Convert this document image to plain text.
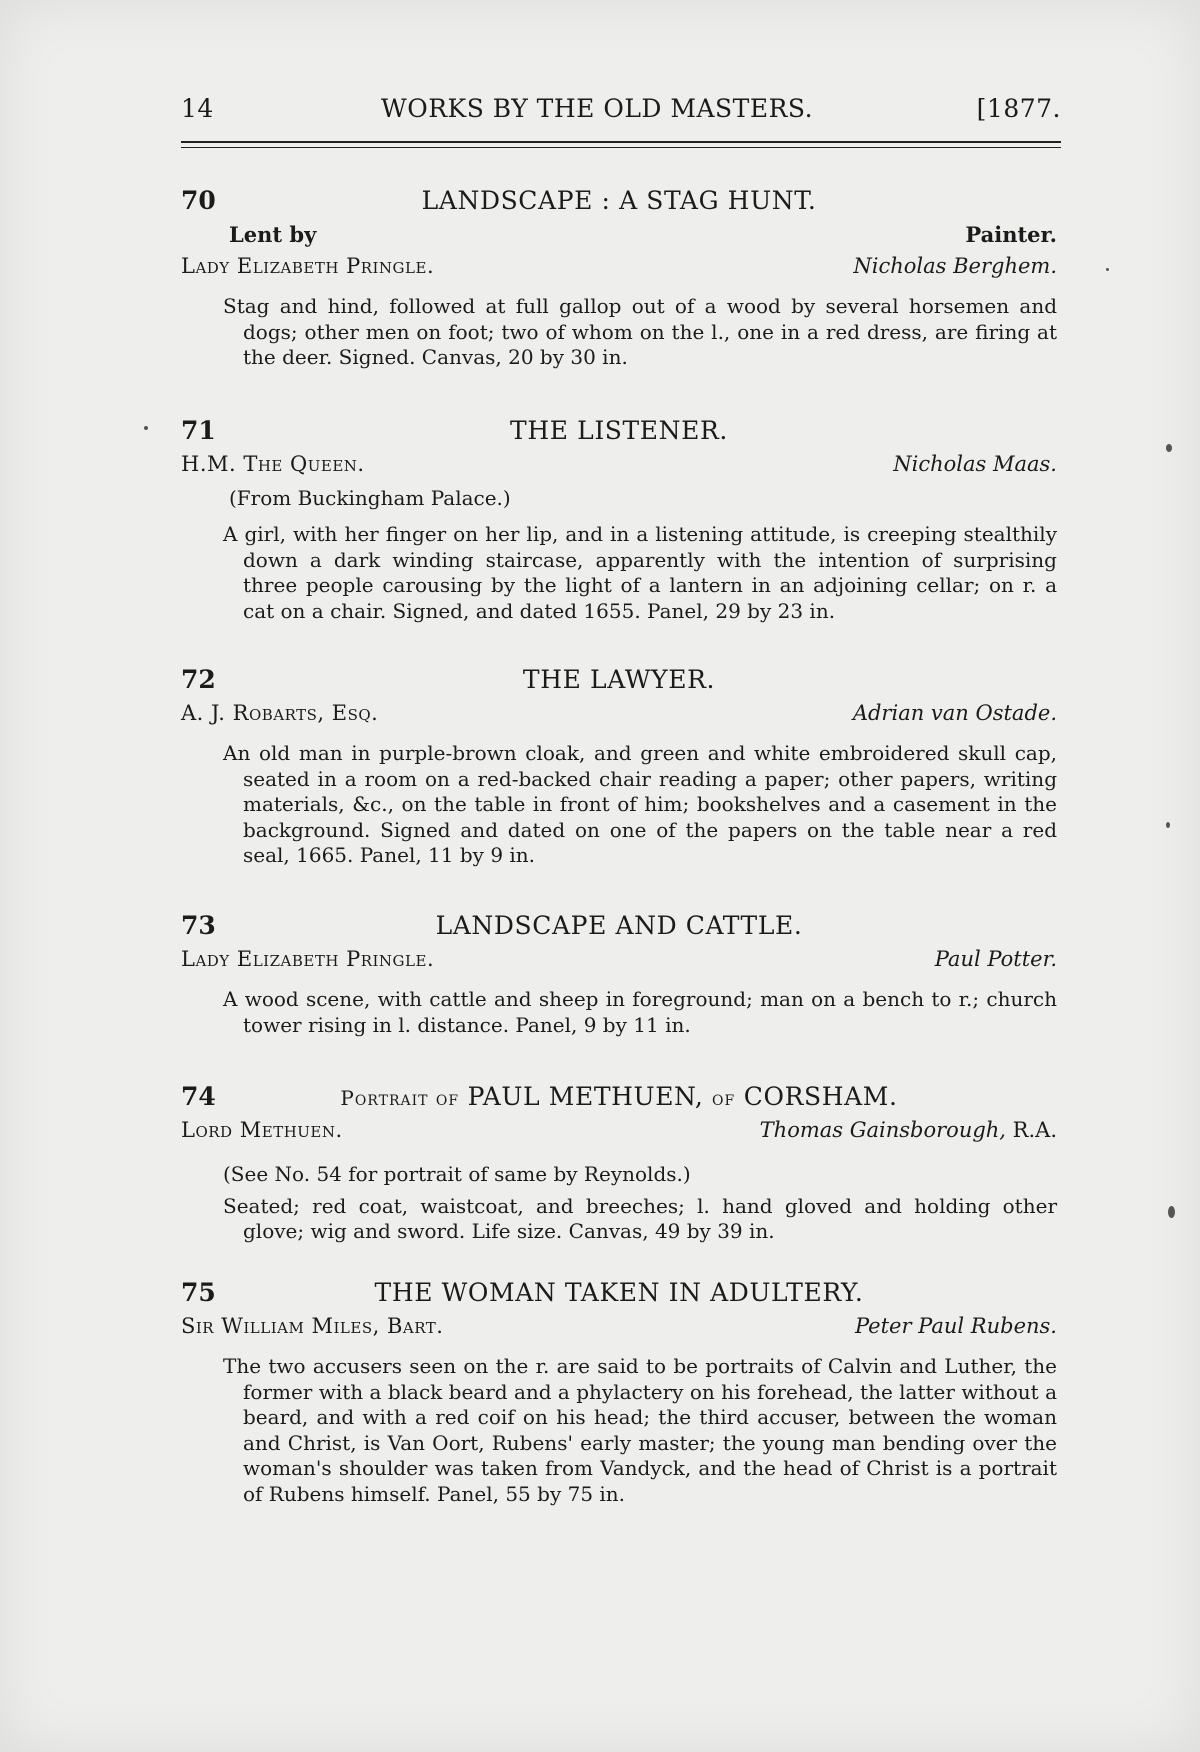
14	WORKS BY THE OLD MASTERS.	[1877.
70	LANDSCAPE : A STAG HUNT.
Lent by	Painter.
Lady Elizabeth Pringle.	Nicholas Berghem.
Stag and hind, followed at full gallop out of a wood by several horsemen and dogs; other men on foot; two of whom on the l., one in a red dress, are firing at the deer. Signed. Canvas, 20 by 30 in.
71	THE LISTENER.
H.M. The Queen.	Nicholas Maas.
(From Buckingham Palace.)
A girl, with her finger on her lip, and in a listening attitude, is creeping stealthily down a dark winding staircase, apparently with the intention of surprising three people carousing by the light of a lantern in an adjoining cellar; on r. a cat on a chair. Signed, and dated 1655. Panel, 29 by 23 in.
72	THE LAWYER.
A. J. Robarts, Esq.	Adrian van Ostade.
An old man in purple-brown cloak, and green and white embroidered skull cap, seated in a room on a red-backed chair reading a paper; other papers, writing materials, &c., on the table in front of him; bookshelves and a casement in the background. Signed and dated on one of the papers on the table near a red seal, 1665. Panel, 11 by 9 in.
73	LANDSCAPE AND CATTLE.
Lady Elizabeth Pringle.	Paul Potter.
A wood scene, with cattle and sheep in foreground; man on a bench to r.; church tower rising in l. distance. Panel, 9 by 11 in.
74	Portrait of PAUL METHUEN, of CORSHAM.
Lord Methuen.	Thomas Gainsborough, R.A.
(See No. 54 for portrait of same by Reynolds.)
Seated; red coat, waistcoat, and breeches; l. hand gloved and holding other glove; wig and sword. Life size. Canvas, 49 by 39 in.
75	THE WOMAN TAKEN IN ADULTERY.
Sir William Miles, Bart.	Peter Paul Rubens.
The two accusers seen on the r. are said to be portraits of Calvin and Luther, the former with a black beard and a phylactery on his forehead, the latter without a beard, and with a red coif on his head; the third accuser, between the woman and Christ, is Van Oort, Rubens' early master; the young man bending over the woman's shoulder was taken from Vandyck, and the head of Christ is a portrait of Rubens himself. Panel, 55 by 75 in.
